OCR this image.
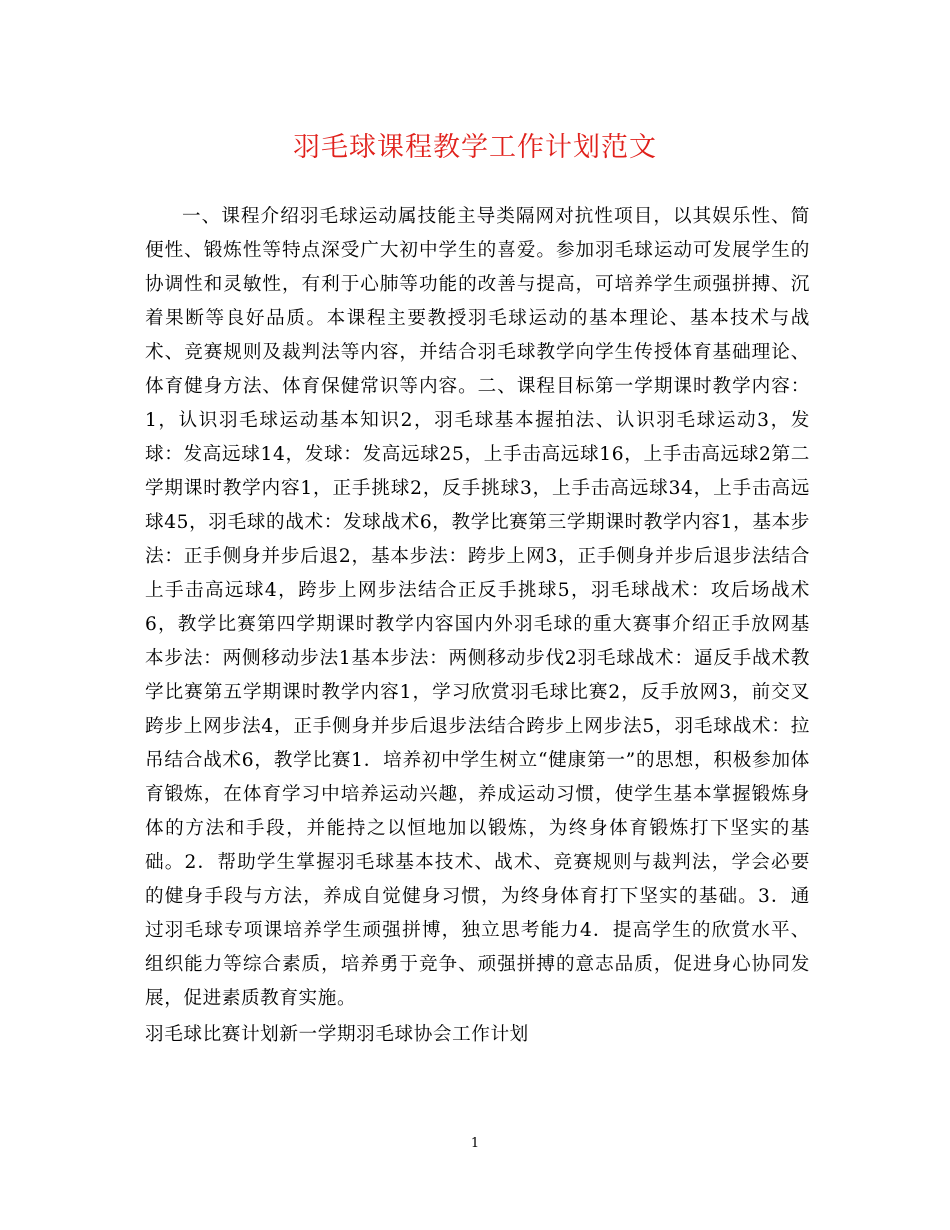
羽毛球课程教学工作计划范文

一、课程介绍羽毛球运动属技能主导类隔网对抗性项目，以其娱乐性、简便性、锻炼性等特点深受广大初中学生的喜爱。参加羽毛球运动可发展学生的协调性和灵敏性，有利于心肺等功能的改善与提高，可培养学生顽强拼搏、沉着果断等良好品质。本课程主要教授羽毛球运动的基本理论、基本技术与战术、竞赛规则及裁判法等内容，并结合羽毛球教学向学生传授体育基础理论、体育健身方法、体育保健常识等内容。二、课程目标第一学期课时教学内容：1，认识羽毛球运动基本知识2，羽毛球基本握拍法、认识羽毛球运动3，发球：发高远球14，发球：发高远球25，上手击高远球16，上手击高远球2第二学期课时教学内容1，正手挑球2，反手挑球3，上手击高远球34，上手击高远球45，羽毛球的战术：发球战术6，教学比赛第三学期课时教学内容1，基本步法：正手侧身并步后退2，基本步法：跨步上网3，正手侧身并步后退步法结合上手击高远球4，跨步上网步法结合正反手挑球5，羽毛球战术：攻后场战术6，教学比赛第四学期课时教学内容国内外羽毛球的重大赛事介绍正手放网基本步法：两侧移动步法1基本步法：两侧移动步伐2羽毛球战术：逼反手战术教学比赛第五学期课时教学内容1，学习欣赏羽毛球比赛2，反手放网3，前交叉跨步上网步法4，正手侧身并步后退步法结合跨步上网步法5，羽毛球战术：拉吊结合战术6，教学比赛1．培养初中学生树立“健康第一”的思想，积极参加体育锻炼，在体育学习中培养运动兴趣，养成运动习惯，使学生基本掌握锻炼身体的方法和手段，并能持之以恒地加以锻炼，为终身体育锻炼打下坚实的基础。2．帮助学生掌握羽毛球基本技术、战术、竞赛规则与裁判法，学会必要的健身手段与方法，养成自觉健身习惯，为终身体育打下坚实的基础。3．通过羽毛球专项课培养学生顽强拼博，独立思考能力4．提高学生的欣赏水平、组织能力等综合素质，培养勇于竞争、顽强拼搏的意志品质，促进身心协同发展，促进素质教育实施。

羽毛球比赛计划新一学期羽毛球协会工作计划

1
